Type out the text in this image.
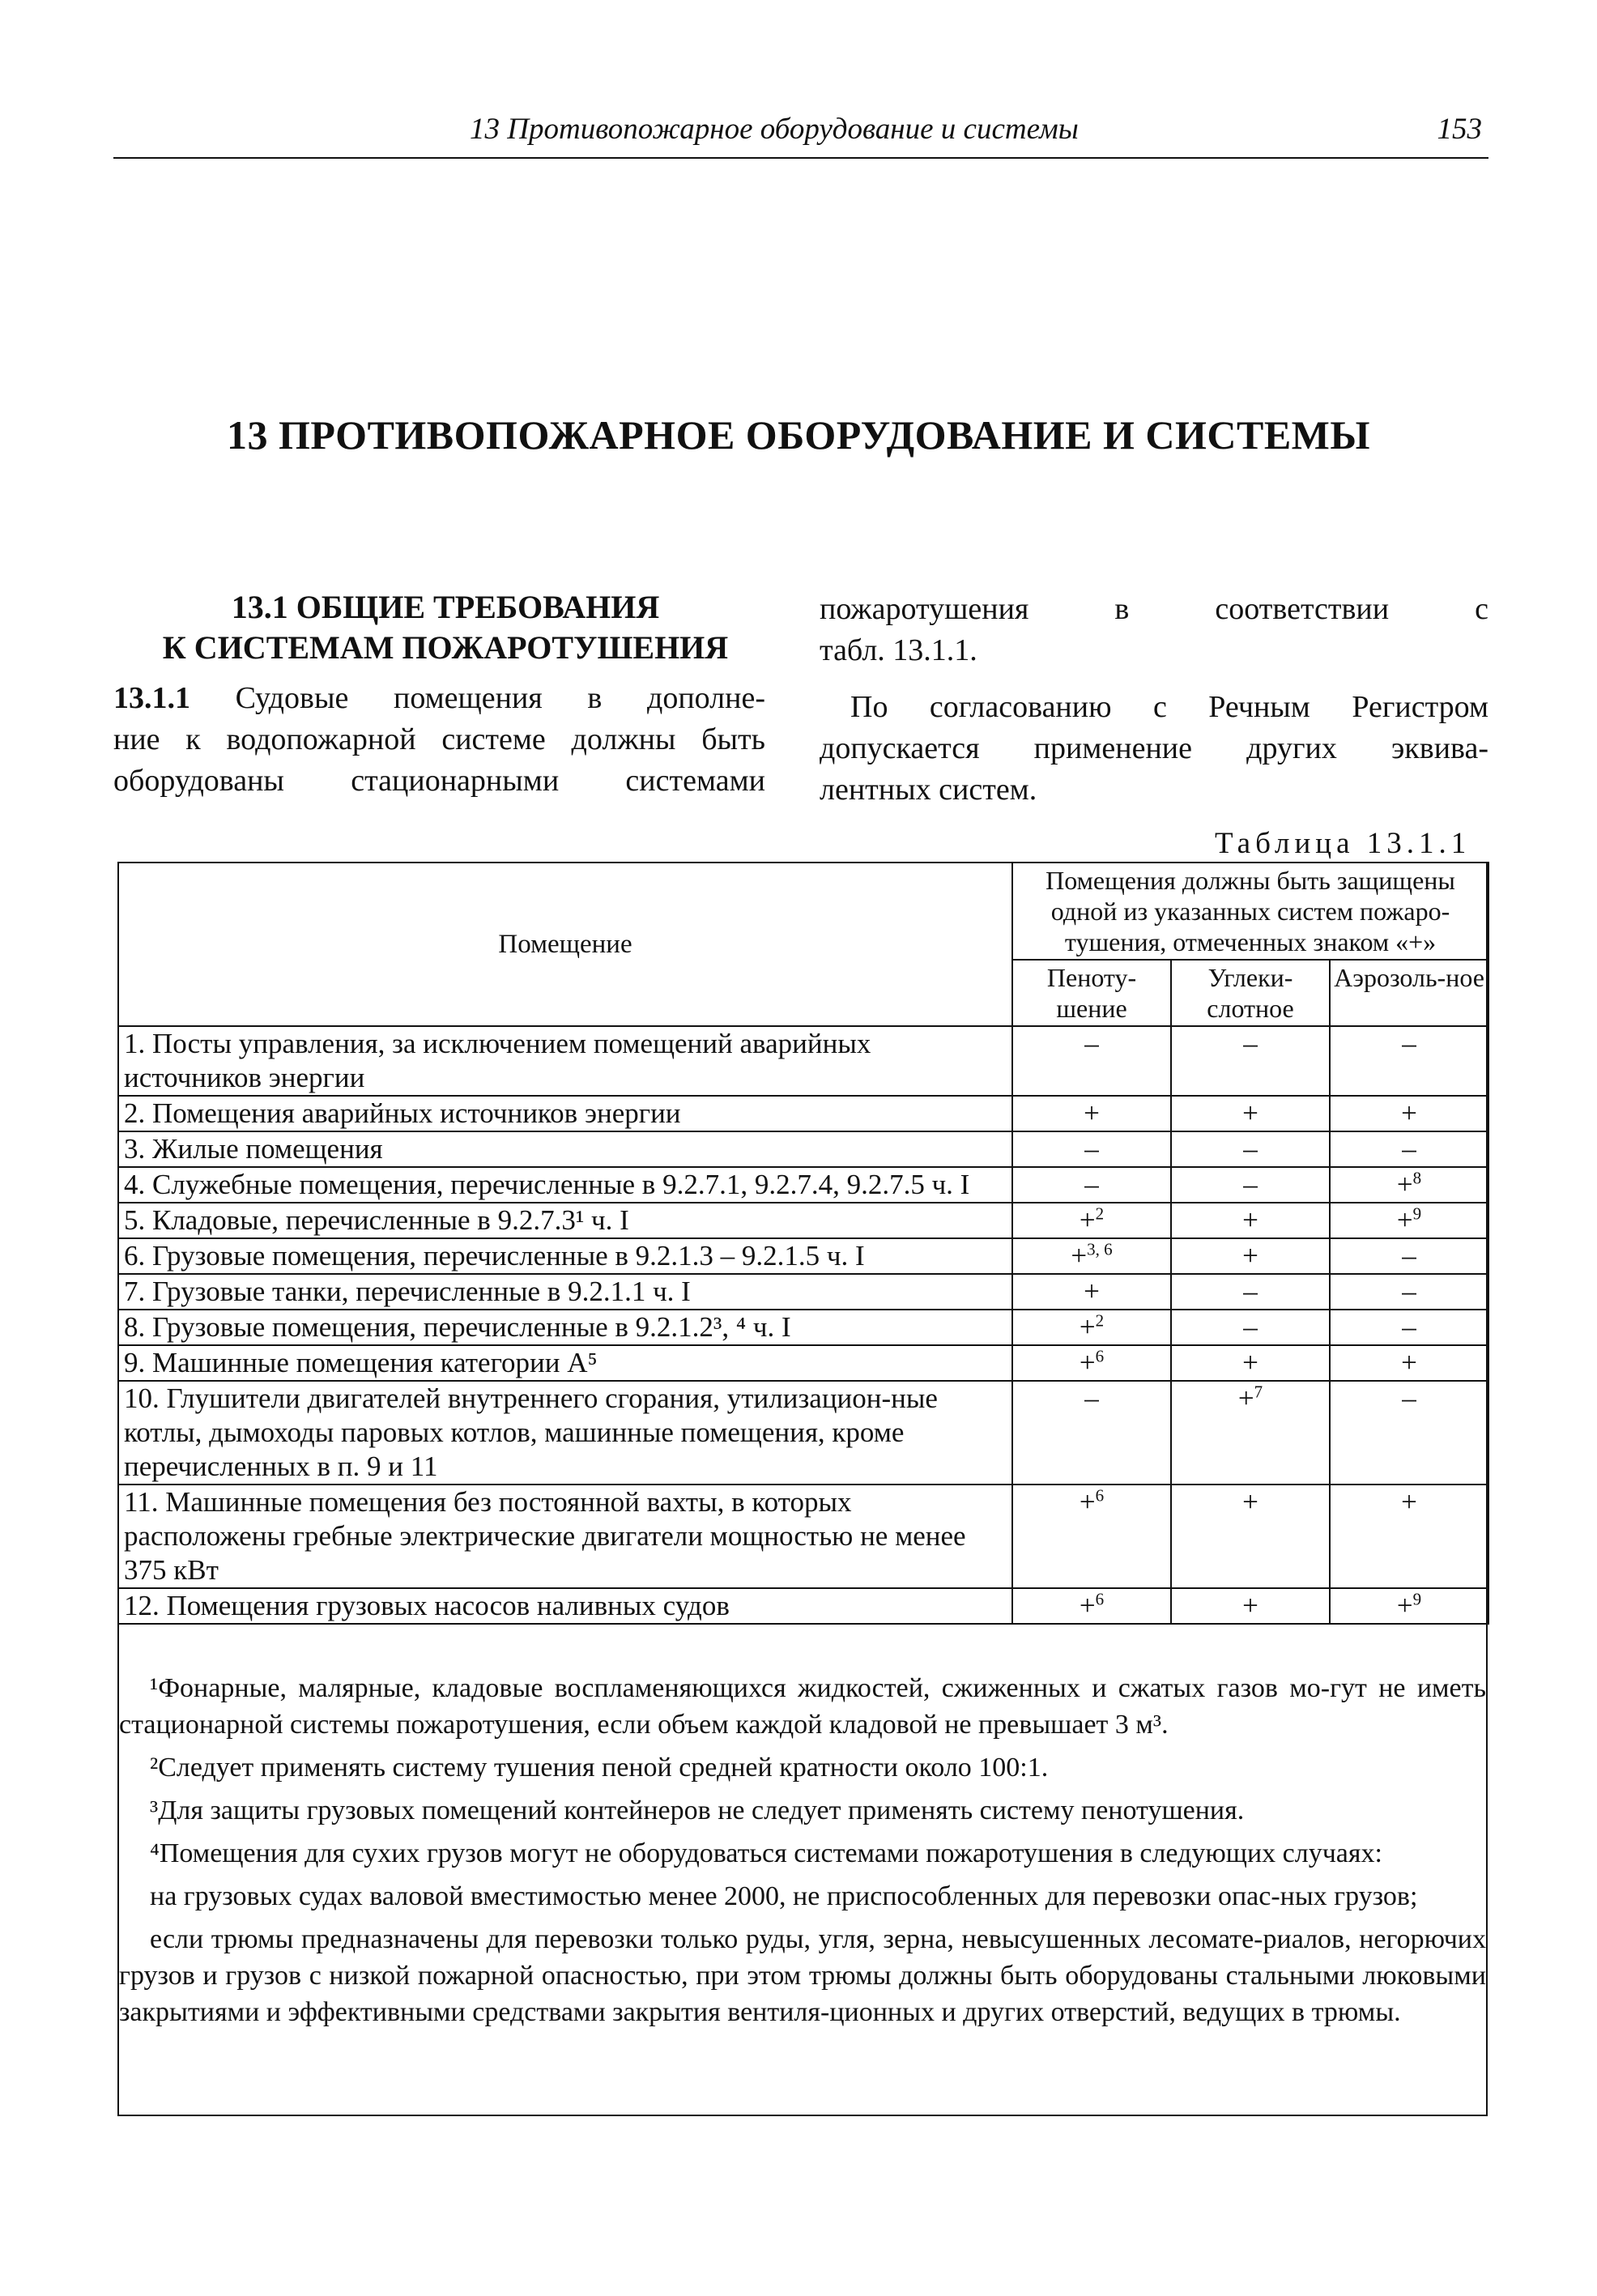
13 Противопожарное оборудование и системы	153
13 ПРОТИВОПОЖАРНОЕ ОБОРУДОВАНИЕ И СИСТЕМЫ
13.1 ОБЩИЕ ТРЕБОВАНИЯ
К СИСТЕМАМ ПОЖАРОТУШЕНИЯ
13.1.1 Судовые помещения в дополне-
ние к водопожарной системе должны быть
оборудованы стационарными системами
пожаротушения в соответствии с
табл. 13.1.1.
По согласованию с Речным Регистром
допускается применение других эквива-
лентных систем.
Таблица 13.1.1
Помещение	Помещения должны быть защищены одной из указанных систем пожаро-тушения, отмеченных знаком «+»		
	Пеноту-шение	Углеки-слотное	Аэрозоль-ное
1. Посты управления, за исключением помещений аварийных источников энергии	–	–	–
2. Помещения аварийных источников энергии	+	+	+
3. Жилые помещения	–	–	–
4. Служебные помещения, перечисленные в 9.2.7.1, 9.2.7.4, 9.2.7.5 ч. I	–	–	+$^8$
5. Кладовые, перечисленные в 9.2.7.3¹ ч. I	+$^2$	+	+$^9$
6. Грузовые помещения, перечисленные в 9.2.1.3 – 9.2.1.5 ч. I	+$^{3, 6}$	+	–
7. Грузовые танки, перечисленные в 9.2.1.1 ч. I	+	–	–
8. Грузовые помещения, перечисленные в 9.2.1.2³, ⁴ ч. I	+$^2$	–	–
9. Машинные помещения категории A⁵	+$^6$	+	+
10. Глушители двигателей внутреннего сгорания, утилизацион-ные котлы, дымоходы паровых котлов, машинные помещения, кроме перечисленных в п. 9 и 11	–	+$^7$	–
11. Машинные помещения без постоянной вахты, в которых расположены гребные электрические двигатели мощностью не менее 375 кВт	+$^6$	+	+
12. Помещения грузовых насосов наливных судов	+$^6$	+	+$^9$

¹Фонарные, малярные, кладовые воспламеняющихся жидкостей, сжиженных и сжатых газов мо-гут не иметь стационарной системы пожаротушения, если объем каждой кладовой не превышает 3 м³.

²Следует применять систему тушения пеной средней кратности около 100:1.

³Для защиты грузовых помещений контейнеров не следует применять систему пенотушения.

⁴Помещения для сухих грузов могут не оборудоваться системами пожаротушения в следующих случаях:

на грузовых судах валовой вместимостью менее 2000, не приспособленных для перевозки опас-ных грузов;

если трюмы предназначены для перевозки только руды, угля, зерна, невысушенных лесомате-риалов, негорючих грузов и грузов с низкой пожарной опасностью, при этом трюмы должны быть оборудованы стальными люковыми закрытиями и эффективными средствами закрытия вентиля-ционных и других отверстий, ведущих в трюмы.
